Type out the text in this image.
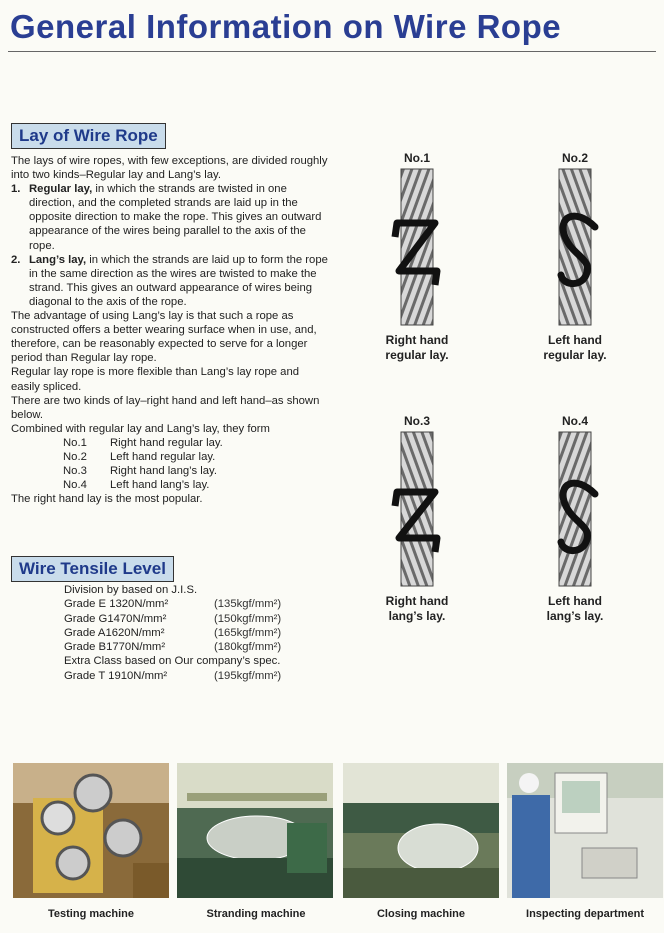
General Information on Wire Rope
Lay of Wire Rope

The lays of wire ropes, with few exceptions, are divided roughly into two kinds–Regular lay and Lang’s lay.

1. Regular lay, in which the strands are twisted in one direction, and the completed strands are laid up in the opposite direction to make the rope. This gives an outward appearance of the wires being parallel to the axis of the rope.
2. Lang’s lay, in which the strands are laid up to form the rope in the same direction as the wires are twisted to make the strand. This gives an outward appearance of wires being diagonal to the axis of the rope.

The advantage of using Lang’s lay is that such a rope as constructed offers a better wearing surface when in use, and, therefore, can be reasonably expected to serve for a longer period than Regular lay rope.

Regular lay rope is more flexible than Lang’s lay rope and easily spliced.

There are two kinds of lay–right hand and left hand–as shown below.

Combined with regular lay and Lang’s lay, they form

No.1	Right hand regular lay.
No.2	Left hand regular lay.
No.3	Right hand lang’s lay.
No.4	Left hand lang’s lay.

The right hand lay is the most popular.

Wire Tensile Level
Division by based on J.I.S.
Grade E 1320N/mm²	(135kgf/mm²)
Grade G1470N/mm²	(150kgf/mm²)
Grade A1620N/mm²	(165kgf/mm²)
Grade B1770N/mm²	(180kgf/mm²)
Extra Class based on Our company’s spec.
Grade T 1910N/mm²	(195kgf/mm²)
No.1
Right hand
regular lay.
No.2
Left hand
regular lay.
No.3
Right hand
lang’s lay.
No.4
Left hand
lang’s lay.
Testing machine	Stranding machine	Closing machine	Inspecting department
